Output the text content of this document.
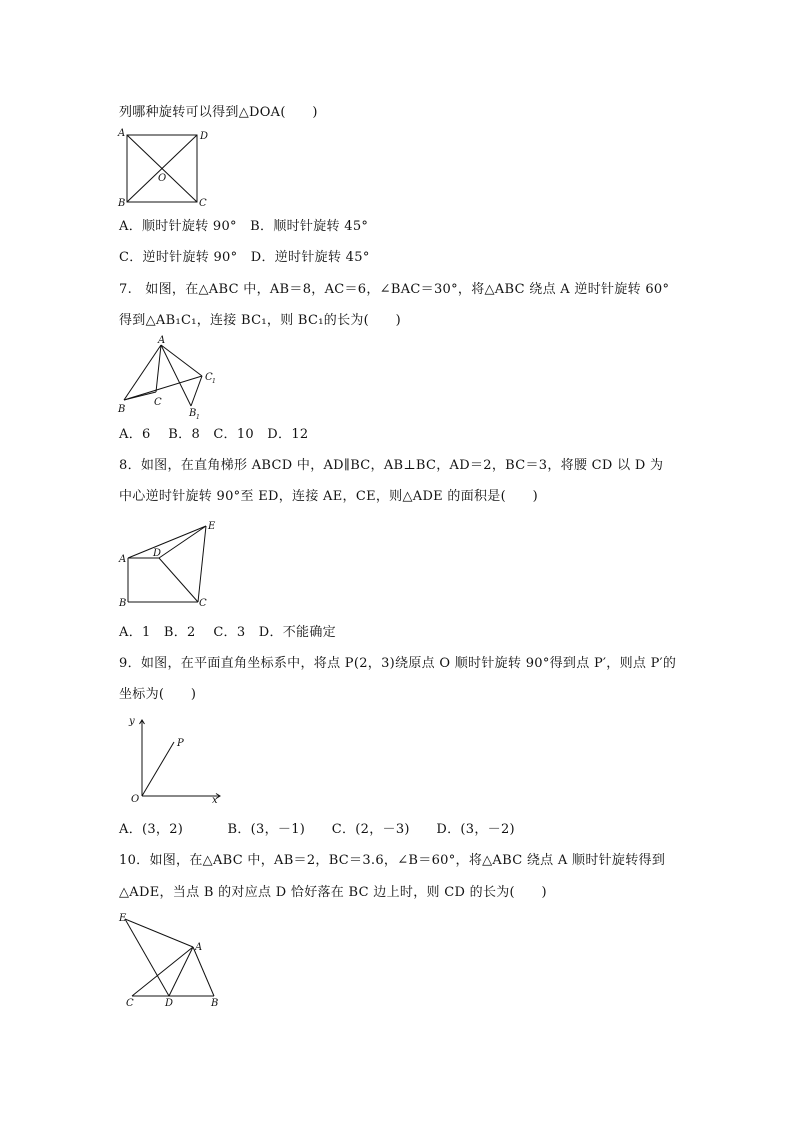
列哪种旋转可以得到△DOA(　　)
A	D
B	C
O
A．顺时针旋转 90°　B．顺时针旋转 45°
C．逆时针旋转 90°　D．逆时针旋转 45°
7.　如图，在△ABC 中，AB＝8，AC＝6，∠BAC＝30°，将△ABC 绕点 A 逆时针旋转 60°
得到△AB₁C₁，连接 BC₁，则 BC₁的长为(　　)
A
B
C
C 1
B 1
A．6　 B．8　C．10　D．12
8．如图，在直角梯形 ABCD 中，AD∥BC，AB⊥BC，AD＝2，BC＝3，将腰 CD 以 D 为
中心逆时针旋转 90°至 ED，连接 AE，CE，则△ADE 的面积是(　　)
A
B	C
D
E
A．1　B．2　 C．3　D．不能确定
9．如图，在平面直角坐标系中，将点 P(2，3)绕原点 O 顺时针旋转 90°得到点 P′，则点 P′的
坐标为(　　)
y
x
O
P
A．(3，2)　　　 B．(3，－1)　　C．(2，－3)　　D．(3，－2)
10．如图，在△ABC 中，AB＝2，BC＝3.6，∠B＝60°，将△ABC 绕点 A 顺时针旋转得到
△ADE，当点 B 的对应点 D 恰好落在 BC 边上时，则 CD 的长为(　　)
E
A
C	D	B
